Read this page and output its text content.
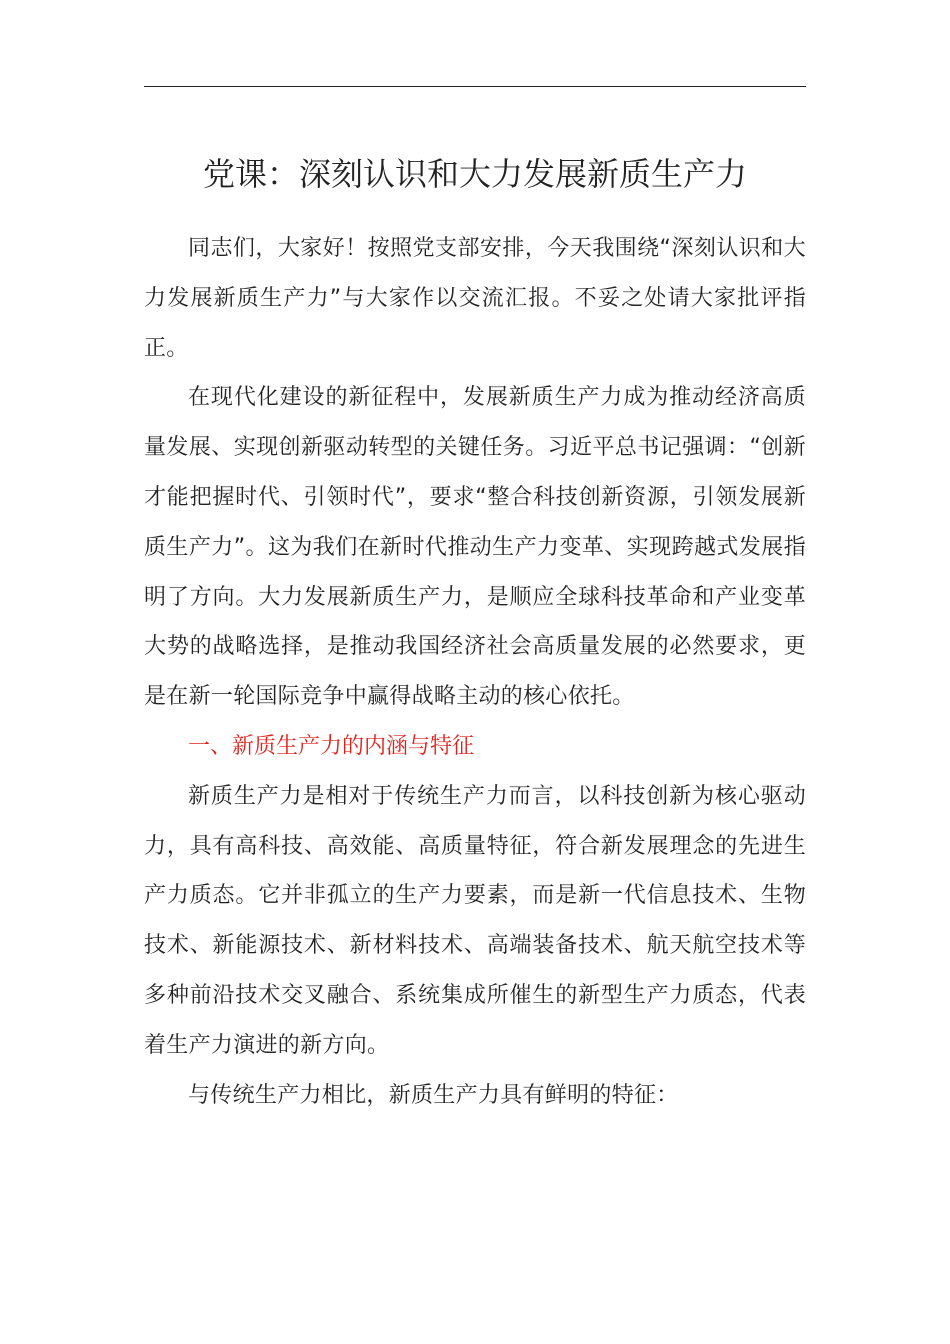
党课：深刻认识和大力发展新质生产力

同志们，大家好！按照党支部安排，今天我围绕“深刻认识和大力发展新质生产力”与大家作以交流汇报。不妥之处请大家批评指正。

在现代化建设的新征程中，发展新质生产力成为推动经济高质量发展、实现创新驱动转型的关键任务。习近平总书记强调：“创新才能把握时代、引领时代”，要求“整合科技创新资源，引领发展新质生产力”。这为我们在新时代推动生产力变革、实现跨越式发展指明了方向。大力发展新质生产力，是顺应全球科技革命和产业变革大势的战略选择，是推动我国经济社会高质量发展的必然要求，更是在新一轮国际竞争中赢得战略主动的核心依托。

一、新质生产力的内涵与特征

新质生产力是相对于传统生产力而言，以科技创新为核心驱动力，具有高科技、高效能、高质量特征，符合新发展理念的先进生产力质态。它并非孤立的生产力要素，而是新一代信息技术、生物技术、新能源技术、新材料技术、高端装备技术、航天航空技术等多种前沿技术交叉融合、系统集成所催生的新型生产力质态，代表着生产力演进的新方向。

与传统生产力相比，新质生产力具有鲜明的特征：
